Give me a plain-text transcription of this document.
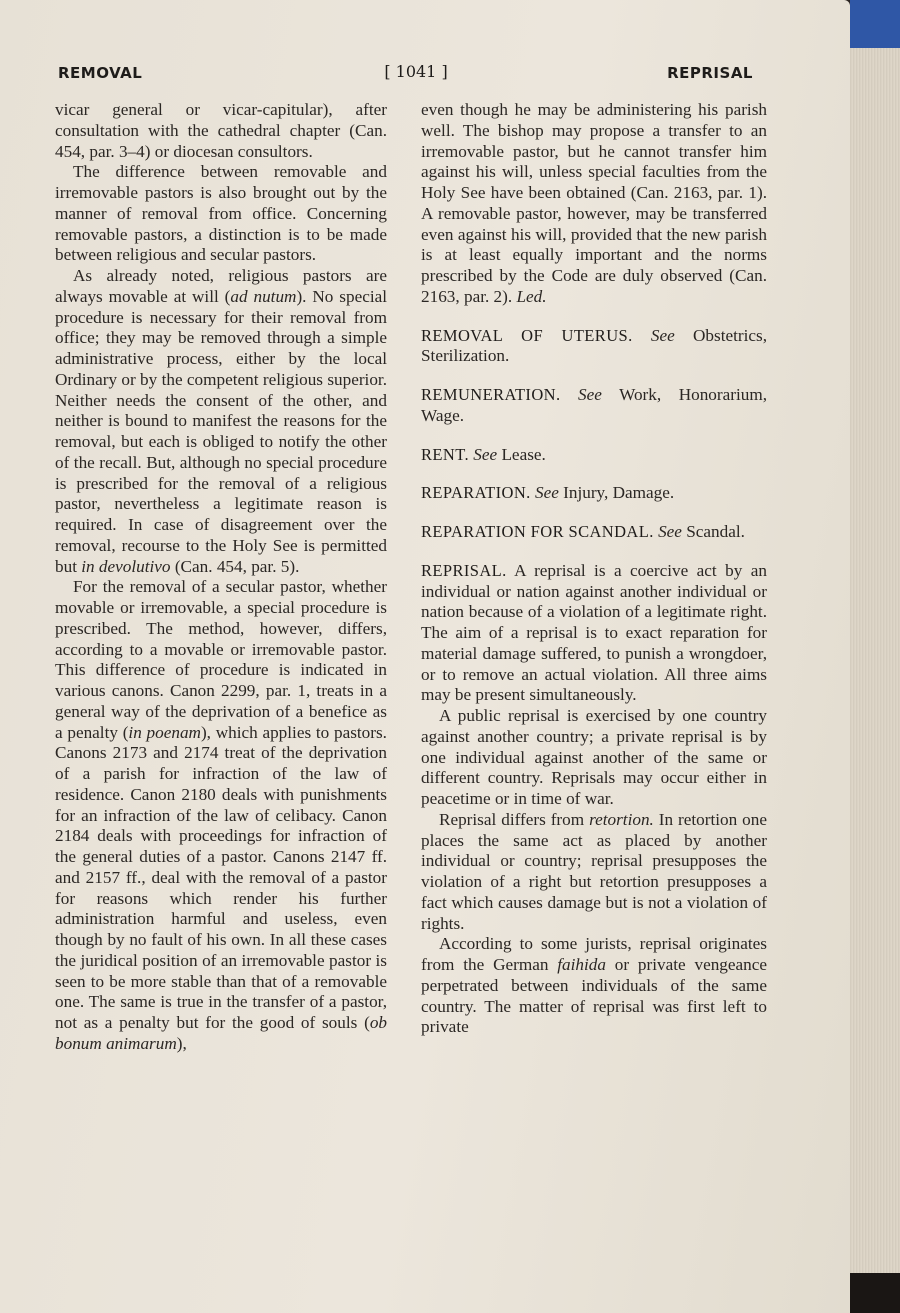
REMOVAL	[ 1041 ]	REPRISAL

vicar general or vicar-capitular), after consultation with the cathedral chapter (Can. 454, par. 3–4) or diocesan consultors.

The difference between removable and irremovable pastors is also brought out by the manner of removal from office. Concerning removable pastors, a distinction is to be made between religious and secular pastors.

As already noted, religious pastors are always movable at will (ad nutum). No special procedure is necessary for their removal from office; they may be removed through a simple administrative process, either by the local Ordinary or by the competent religious superior. Neither needs the consent of the other, and neither is bound to manifest the reasons for the removal, but each is obliged to notify the other of the recall. But, although no special procedure is prescribed for the removal of a religious pastor, nevertheless a legitimate reason is required. In case of disagreement over the removal, recourse to the Holy See is permitted but in devolutivo (Can. 454, par. 5).

For the removal of a secular pastor, whether movable or irremovable, a special procedure is prescribed. The method, however, differs, according to a movable or irremovable pastor. This difference of procedure is indicated in various canons. Canon 2299, par. 1, treats in a general way of the deprivation of a benefice as a penalty (in poenam), which applies to pastors. Canons 2173 and 2174 treat of the deprivation of a parish for infraction of the law of residence. Canon 2180 deals with punishments for an infraction of the law of celibacy. Canon 2184 deals with proceedings for infraction of the general duties of a pastor. Canons 2147 ff. and 2157 ff., deal with the removal of a pastor for reasons which render his further administration harmful and useless, even though by no fault of his own. In all these cases the juridical position of an irremovable pastor is seen to be more stable than that of a removable one. The same is true in the transfer of a pastor, not as a penalty but for the good of souls (ob bonum animarum),

even though he may be administering his parish well. The bishop may propose a transfer to an irremovable pastor, but he cannot transfer him against his will, unless special faculties from the Holy See have been obtained (Can. 2163, par. 1). A removable pastor, however, may be transferred even against his will, provided that the new parish is at least equally important and the norms prescribed by the Code are duly observed (Can. 2163, par. 2). Led.

REMOVAL OF UTERUS. See Obstetrics, Sterilization.

REMUNERATION. See Work, Honorarium, Wage.

RENT. See Lease.

REPARATION. See Injury, Damage.

REPARATION FOR SCANDAL. See Scandal.

REPRISAL. A reprisal is a coercive act by an individual or nation against another individual or nation because of a violation of a legitimate right. The aim of a reprisal is to exact reparation for material damage suffered, to punish a wrongdoer, or to remove an actual violation. All three aims may be present simultaneously.

A public reprisal is exercised by one country against another country; a private reprisal is by one individual against another of the same or different country. Reprisals may occur either in peacetime or in time of war.

Reprisal differs from retortion. In retortion one places the same act as placed by another individual or country; reprisal presupposes the violation of a right but retortion presupposes a fact which causes damage but is not a violation of rights.

According to some jurists, reprisal originates from the German faihida or private vengeance perpetrated between individuals of the same country. The matter of reprisal was first left to private
